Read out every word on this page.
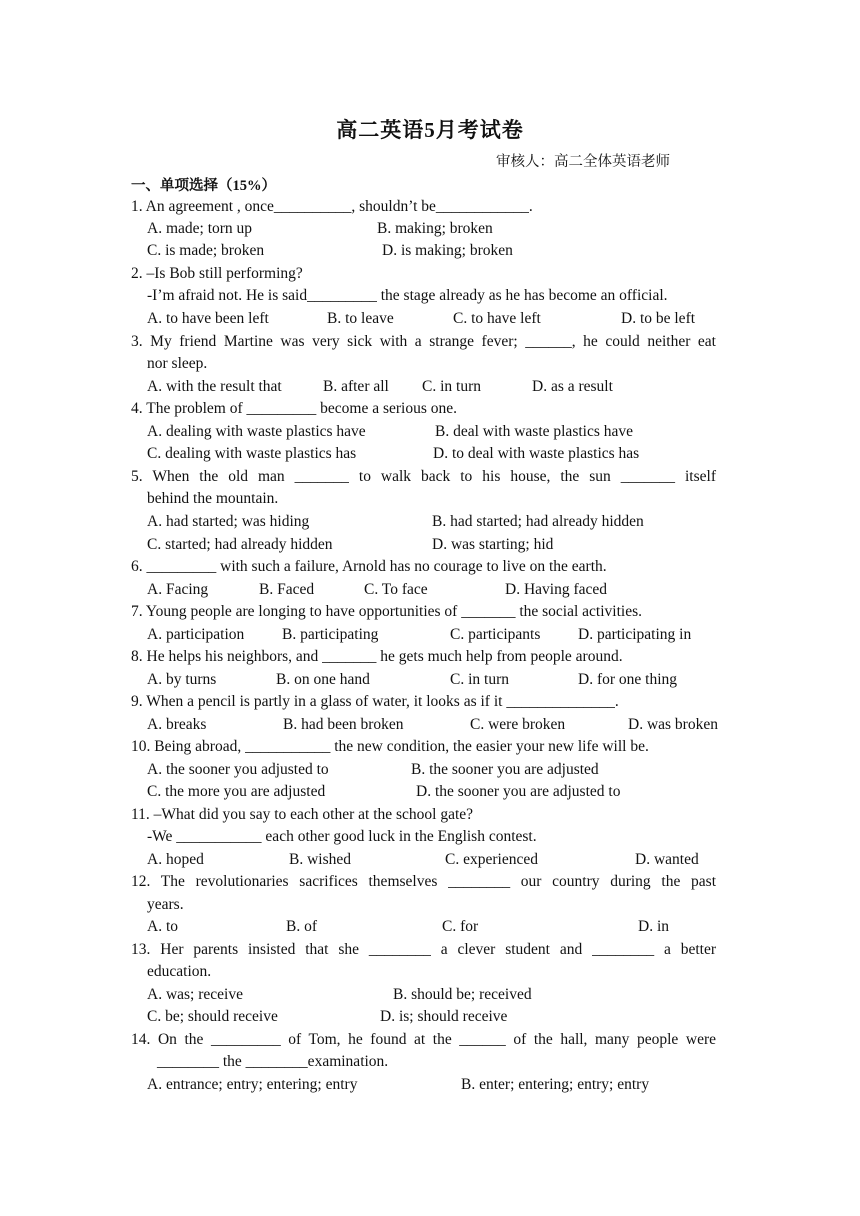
高二英语5月考试卷
审核人：高二全体英语老师
一、单项选择（15%）
1. An agreement , once__________, shouldn’t be____________.
A. made; torn up	B. making; broken
C. is made; broken	D. is making; broken
2. –Is Bob still performing?
-I’m afraid not. He is said_________ the stage already as he has become an official.
A. to have been left	B. to leave	C. to have left	D. to be left
3. My friend Martine was very sick with a strange fever; ______, he could neither eat
nor sleep.
A. with the result that	B. after all C. in turn	D. as a result
4. The problem of _________ become a serious one.
A. dealing with waste plastics have	B. deal with waste plastics have
C. dealing with waste plastics has	D. to deal with waste plastics has
5. When the old man _______ to walk back to his house, the sun _______ itself
behind the mountain.
A. had started; was hiding	B. had started; had already hidden
C. started; had already hidden	D. was starting; hid
6. _________ with such a failure, Arnold has no courage to live on the earth.
A. Facing	B. Faced	C. To face	D. Having faced
7. Young people are longing to have opportunities of _______ the social activities.
A. participation B. participating	C. participants D. participating in
8. He helps his neighbors, and _______ he gets much help from people around.
A. by turns	B. on one hand	C. in turn	D. for one thing
9. When a pencil is partly in a glass of water, it looks as if it ______________.
A. breaks	B. had been broken	C. were broken	D. was broken
10. Being abroad, ___________ the new condition, the easier your new life will be.
A. the sooner you adjusted to	B. the sooner you are adjusted
C. the more you are adjusted	D. the sooner you are adjusted to
11. –What did you say to each other at the school gate?
-We ___________ each other good luck in the English contest.
A. hoped	B. wished	C. experienced	D. wanted
12. The revolutionaries sacrifices themselves ________ our country during the past
years.
A. to	B. of	C. for	D. in
13. Her parents insisted that she ________ a clever student and ________ a better
education.
A. was; receive	B. should be; received
C. be; should receive	D. is; should receive
14. On the _________ of Tom, he found at the ______ of the hall, many people were
________ the ________examination.
A. entrance; entry; entering; entry	B. enter; entering; entry; entry
